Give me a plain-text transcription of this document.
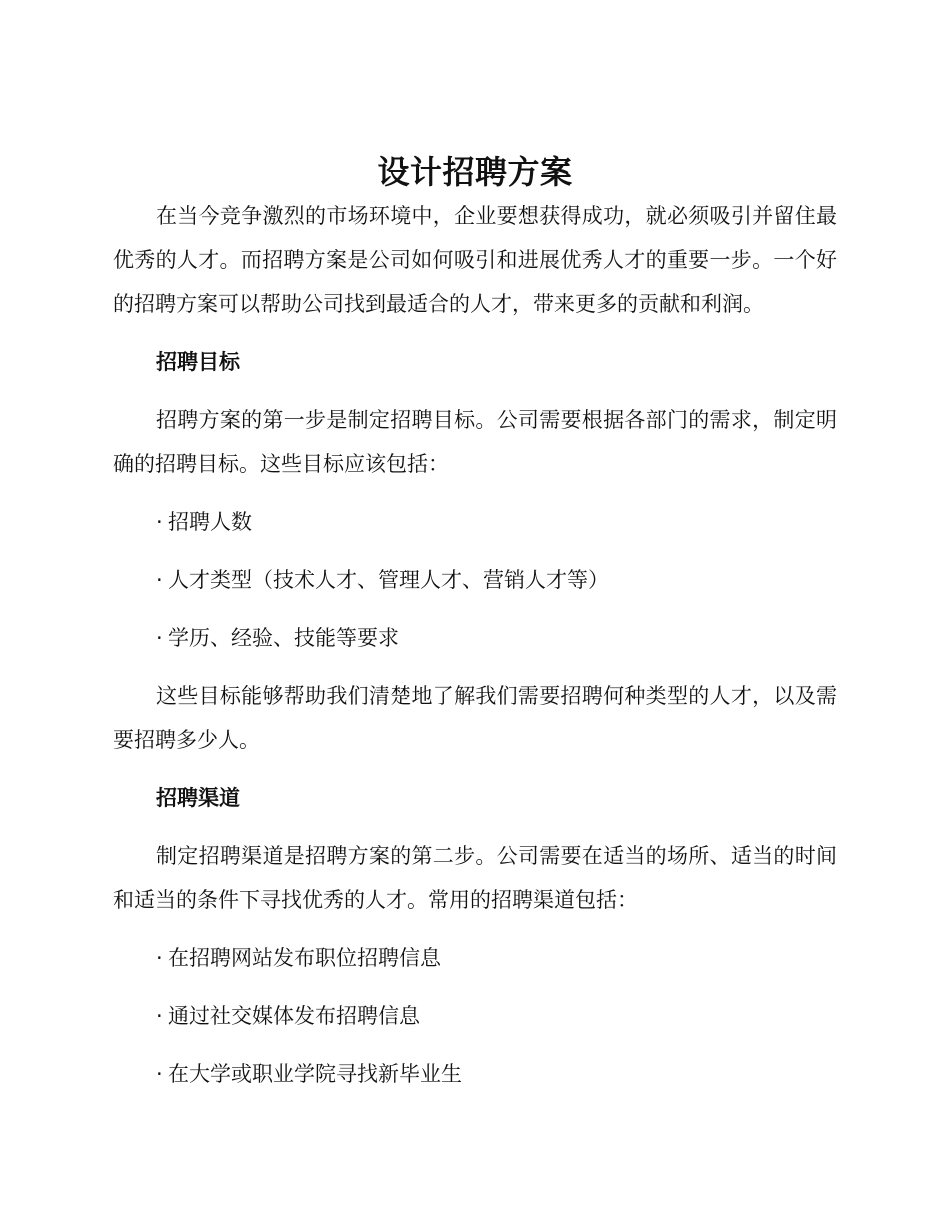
设计招聘方案

在当今竞争激烈的市场环境中，企业要想获得成功，就必须吸引并留住最优秀的人才。而招聘方案是公司如何吸引和进展优秀人才的重要一步。一个好的招聘方案可以帮助公司找到最适合的人才，带来更多的贡献和利润。

招聘目标

招聘方案的第一步是制定招聘目标。公司需要根据各部门的需求，制定明确的招聘目标。这些目标应该包括：

· 招聘人数

· 人才类型（技术人才、管理人才、营销人才等）

· 学历、经验、技能等要求

这些目标能够帮助我们清楚地了解我们需要招聘何种类型的人才，以及需要招聘多少人。

招聘渠道

制定招聘渠道是招聘方案的第二步。公司需要在适当的场所、适当的时间和适当的条件下寻找优秀的人才。常用的招聘渠道包括：

· 在招聘网站发布职位招聘信息

· 通过社交媒体发布招聘信息

· 在大学或职业学院寻找新毕业生
